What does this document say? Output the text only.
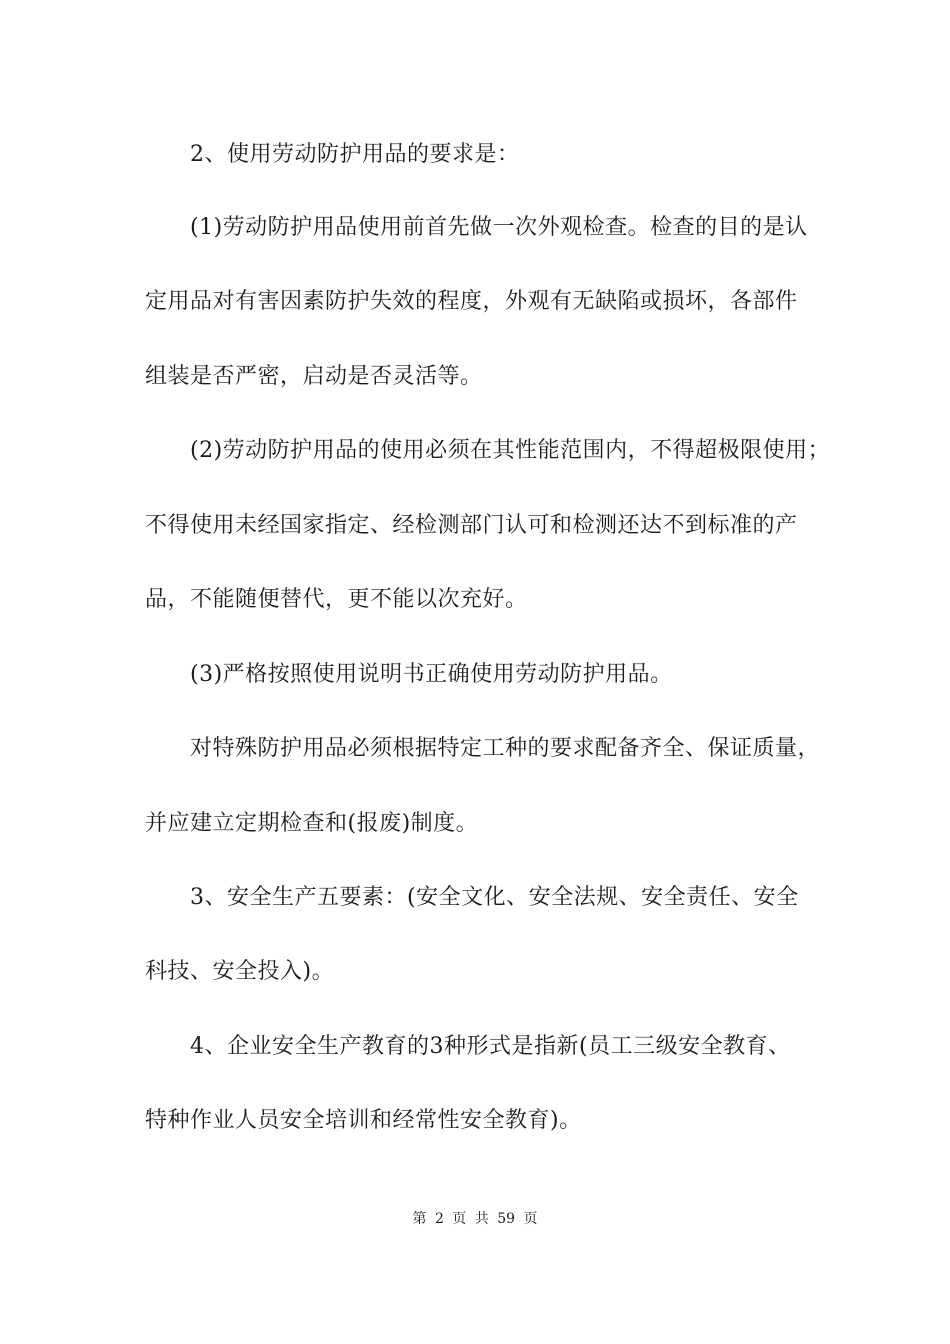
2、使用劳动防护用品的要求是：
(1)劳动防护用品使用前首先做一次外观检查。检查的目的是认
定用品对有害因素防护失效的程度，外观有无缺陷或损坏，各部件
组装是否严密，启动是否灵活等。
(2)劳动防护用品的使用必须在其性能范围内，不得超极限使用；
不得使用未经国家指定、经检测部门认可和检测还达不到标准的产
品，不能随便替代，更不能以次充好。
(3)严格按照使用说明书正确使用劳动防护用品。
对特殊防护用品必须根据特定工种的要求配备齐全、保证质量，
并应建立定期检查和(报废)制度。
3、安全生产五要素：(安全文化、安全法规、安全责任、安全
科技、安全投入)。
4、企业安全生产教育的3种形式是指新(员工三级安全教育、
特种作业人员安全培训和经常性安全教育)。
第 2 页 共 59 页
